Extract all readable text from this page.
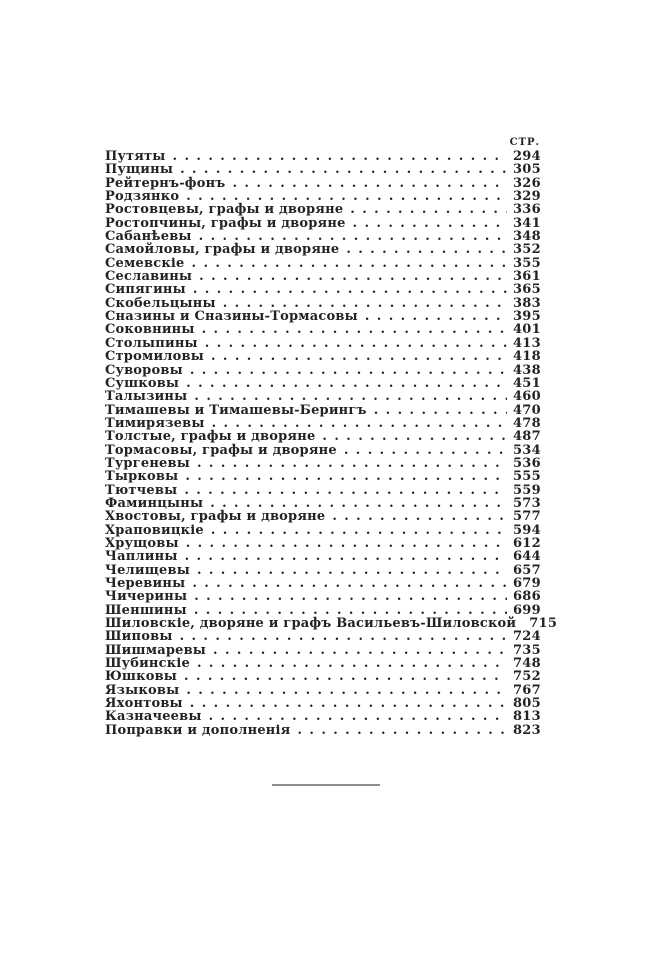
СТР.
Путяты .....	294
Пущины .....	305
Рейтернъ-фонъ .....	326
Родзянко .....	329
Ростовцевы, графы и дворяне .....	336
Ростопчины, графы и дворяне .....	341
Сабанѣевы .....	348
Самойловы, графы и дворяне .....	352
Семевскіе .....	355
Сеславины .....	361
Сипягины .....	365
Скобельцыны .....	383
Сназины и Сназины-Тормасовы .....	395
Соковнины .....	401
Столыпины .....	413
Стромиловы .....	418
Суворовы .....	438
Сушковы .....	451
Талызины .....	460
Тимашевы и Тимашевы-Берингъ .....	470
Тимирязевы .....	478
Толстые, графы и дворяне .....	487
Тормасовы, графы и дворяне .....	534
Тургеневы .....	536
Тырковы .....	555
Тютчевы .....	559
Фаминцыны .....	573
Хвостовы, графы и дворяне .....	577
Храповицкіе .....	594
Хрущовы .....	612
Чаплины .....	644
Челищевы .....	657
Черевины .....	679
Чичерины .....	686
Шеншины .....	699
Шиловскіе, дворяне и графъ Васильевъ-Шиловской 715
Шиповы .....	724
Шишмаревы .....	735
Шубинскіе .....	748
Юшковы .....	752
Языковы .....	767
Яхонтовы .....	805
Казначеевы .....	813
Поправки и дополненія .....	823
